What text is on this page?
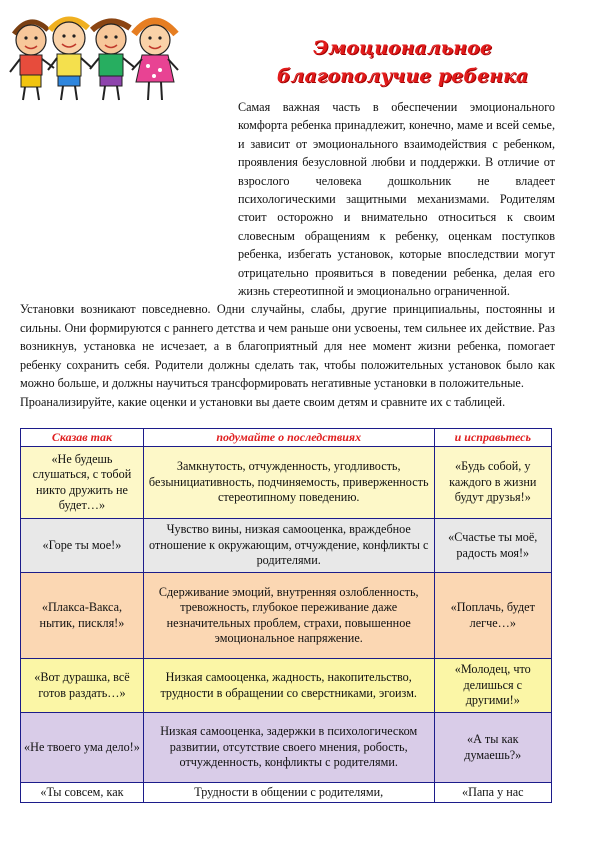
Эмоциональное
благополучие ребенка

Самая важная часть в обеспечении эмоционального комфорта ребенка принадлежит, конечно, маме и всей семье, и зависит от эмоционального взаимодействия с ребенком, проявления безусловной любви и поддержки. В отличие от взрослого человека дошкольник не владеет психологическими защитными механизмами. Родителям стоит осторожно и внимательно относиться к своим словесным обращениям к ребенку, оценкам поступков ребенка, избегать установок, которые впоследствии могут отрицательно проявиться в поведении ребенка, делая его жизнь стереотипной и эмоционально ограниченной.

Установки возникают повседневно. Одни случайны, слабы, другие принципиальны, постоянны и сильны. Они формируются с раннего детства и чем раньше они усвоены, тем сильнее их действие. Раз возникнув, установка не исчезает, а в благоприятный для нее момент жизни ребенка, помогает ребенку сохранить себя. Родители должны сделать так, чтобы положительных установок было как можно больше, и должны научиться трансформировать негативные установки в положительные.

Проанализируйте, какие оценки и установки вы даете своим детям и сравните их с таблицей.

Сказав так	подумайте о последствиях	и исправьтесь
«Не будешь слушаться, с тобой никто дружить не будет…»	Замкнутость, отчужденность, угодливость, безынициативность, подчиняемость, приверженность стереотипному поведению.	«Будь собой, у каждого в жизни будут друзья!»
«Горе ты мое!»	Чувство вины, низкая самооценка, враждебное отношение к окружающим, отчуждение, конфликты с родителями.	«Счастье ты моё, радость моя!»
«Плакса-Вакса, нытик, пискля!»	Сдерживание эмоций, внутренняя озлобленность, тревожность, глубокое переживание даже незначительных проблем, страхи, повышенное эмоциональное напряжение.	«Поплачь, будет легче…»
«Вот дурашка, всё готов раздать…»	Низкая самооценка, жадность, накопительство, трудности в обращении со сверстниками, эгоизм.	«Молодец, что делишься с другими!»
«Не твоего ума дело!»	Низкая самооценка, задержки в психологическом развитии, отсутствие своего мнения, робость, отчужденность, конфликты с родителями.	«А ты как думаешь?»
«Ты совсем, как	Трудности в общении с родителями,	«Папа у нас
